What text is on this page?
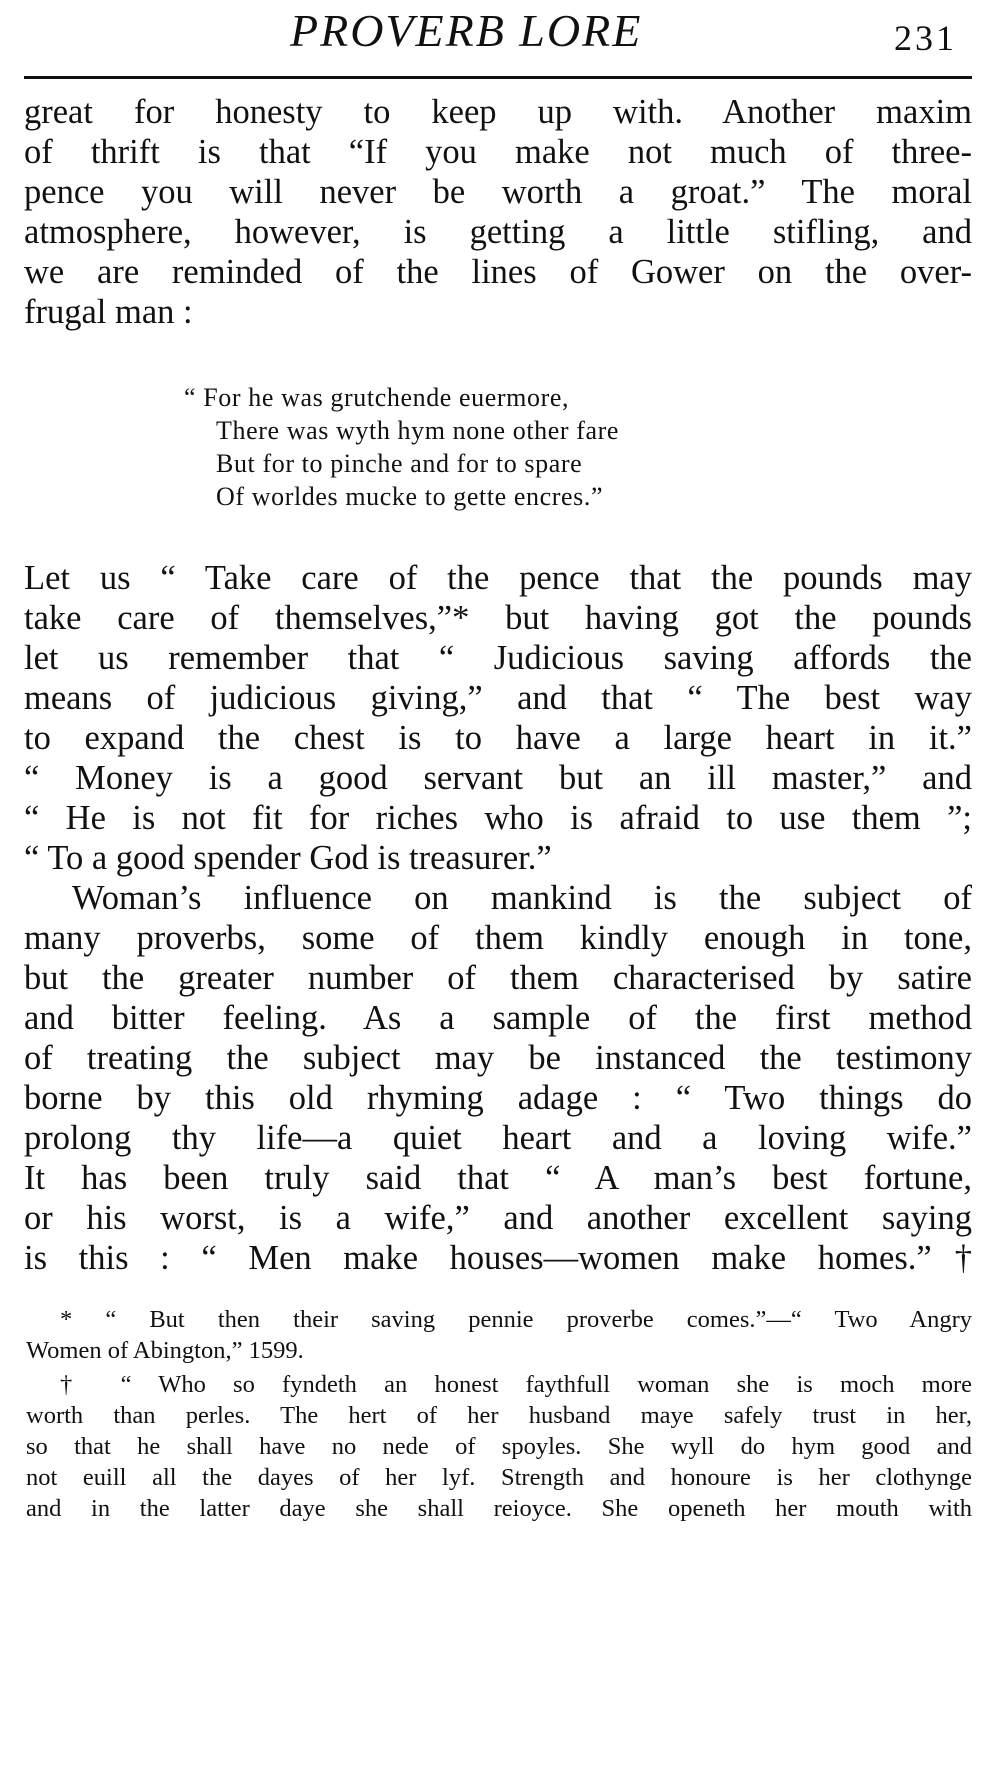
PROVERB LORE	231
great for honesty to keep up with. Another maxim
of thrift is that “If you make not much of three-
pence you will never be worth a groat.” The moral
atmosphere, however, is getting a little stifling, and
we are reminded of the lines of Gower on the over-
frugal man :
“ For he was grutchende euermore,
There was wyth hym none other fare
But for to pinche and for to spare
Of worldes mucke to gette encres.”
Let us “ Take care of the pence that the pounds may
take care of themselves,”* but having got the pounds
let us remember that “ Judicious saving affords the
means of judicious giving,” and that “ The best way
to expand the chest is to have a large heart in it.”
“ Money is a good servant but an ill master,” and
“ He is not fit for riches who is afraid to use them ”;
“ To a good spender God is treasurer.”
Woman’s influence on mankind is the subject of
many proverbs, some of them kindly enough in tone,
but the greater number of them characterised by satire
and bitter feeling. As a sample of the first method
of treating the subject may be instanced the testimony
borne by this old rhyming adage : “ Two things do
prolong thy life—a quiet heart and a loving wife.”
It has been truly said that “ A man’s best fortune,
or his worst, is a wife,” and another excellent saying
is this : “ Men make houses—women make homes.”†
* “ But then their saving pennie proverbe comes.”—“ Two Angry
Women of Abington,” 1599.
† “ Who so fyndeth an honest faythfull woman she is moch more
worth than perles. The hert of her husband maye safely trust in her,
so that he shall have no nede of spoyles. She wyll do hym good and
not euill all the dayes of her lyf. Strength and honoure is her clothynge
and in the latter daye she shall reioyce. She openeth her mouth with
